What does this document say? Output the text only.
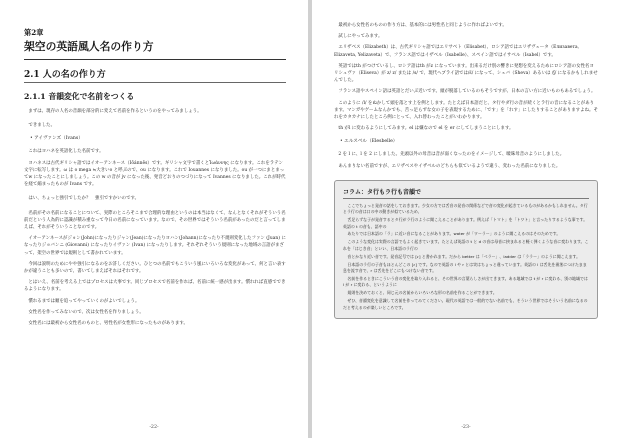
第2章
架空の英語風人名の作り方
2.1 人の名の作り方
2.1.1 音韻変化で名前をつくる

まずは、現存の人名の音韻を部分的に変えて名前を作るというのをやってみましょう。

できました。

• アイヴァンズ（Ivans）

これはヨハネを英語化した名前です。

ヨハネスは古代ギリシャ語ではイオーアンネース（Iōánnēs）です。ギリシャ文字で書くとἸωάννης になります。これをラテン文字に転写します。ω は o mega ≒大きいo と呼ぶので、ou になります。これで Iouannes になりました。ou が一つにまとまってw になったことにしましょう。この w の音が jv になった後、発音どおりのつづりになって Ivannes になりました。これが時代を経て縮まったものが Ivans です。

はい、ちょっと強引でしたか？　強引ですかいのです。

名前がその名前になることについて、実際のところそこまで合理的な理由というのは本当はなくて、なんとなくそれがそういう名前だという人為的に認識が積み重なって今日の名前になっています。なので、その世界ではそういう名前があったのだと言ってしまえば、それがそういうことなのです。

イオーアンネースがジョン(John)になったりジャン(Jean)になったりヨハン(Johann)になったり不規則変化したファン (Juan) になったりジョバンニ (Giovanni) になったりイヴァン (Ivan) になったりします。それぞれそういう規則になった地域の言語がまざって、架空の世界では規則として書かれています。

今回は説明のためにやや強引になるのをお許しください。ひとつの名前でもこういう風にいろいろな変化があって、何と言い表すかが違うことも多いので、書いてしまえばそれはそれです。

とはいえ、名前を考える上ではプロセスは大事です。同じプロセスで名前を作れば、名前に統一感が出ます。慣れれば直感でできるようになります。

慣れるまでは順を追ってやっていくのがよいでしょう。

女性名を作ってみないので、次は女性名を作りましょう。

女性名には最初から女性名のものと、男性名が女性形になったものがあります。

-22-

最初から女性名のものの作り方は、基本的には男性名と同じように作ればよいです。

試しにやってみます。

エリザベス（Elizabeth）は、古代ギリシャ語ではエリサベト（Elisabet）、ロシア語ではエリザヴェータ（Елизавета, Elizaveta, Yelizaveta）で、フランス語ではイザベル（Isabelle）、スペイン語ではイサベル（Isabel）です。

英語ではth がつけているし、ロシア語はth がz になっています。出来るだけ別の響きに発想を変えるためにロシア語の女性名ヨリシュヴァ（Eliseva）が z/ z/ または /s/ で、現代ヘブライ語では/ś/ になって、シェバ（Sheva）あるいは /ʃ/ になるかもしれませんでした。

フランス語やスペイン語は英語とだいぶ近いです。頭が脱落しているのもそうですが、日本の言い方に近いものもあるでしょう。

このように /l/ をぬかして頭を落とす上を例とします。たとえば日本語だと、タ行やダ行の音が続くとラ行の音になることがあります。マンガやゲームなんかでも、舌っ足らずな女の子を表現するために、「です」を「れす」にしたりすることがありますよね。それをカタカナにしたところ例にとって、入れ替わったことがいわかります。

th がl に変わるようにしてみます。el は嫌なので el を er にしてしまうことにします。

• エルスベル（Elesbelle）

2 を l に、l を 2 にしました。先頭以外の母音は音が弱くなったのをイメージして、曖昧母音のようにしました。

あんまりない名前ですが、エリザベスやイザベルのどちらも似ているようで違う、変わった名前になりました。

コラム：タ行もラ行も音韻で

ここでちょっと発音の話をしておきます。少女の方では舌音の発音の関係などで音の変化が起きているものがあるかもしれません。タ行とラ行の音は口の中の動きが似ているため、

舌足らずな子が発音するとタ行がラ行のように聞こえることがあります。例えば「トマト」を「トワト」と言ったりするような事です。英語の t の音も、語中の

あたりでは日本語の「ラ」に近い音になることがあります。water が「ワーラー」のように聞こえるのはそのためです。

このような変化は実際の言語でもよく起きています。たとえば英語の t と d の音は母音に挟まれると軽く弾くような音に変わります。これを「はじき音」といい、日本語のラ行の

音とかなり近い音です。発音記号では [ɾ] と書かれます。だから better は「ベラー」、ladder は「ララー」のように聞こえます。

日本語のラ行の子音もほとんどこの [ɾ] です。なので英語の l や r とは実はちょっと違っています。英語の l は舌先を歯茎につけたまま息を流す音で、r は舌先をどこにもつけない音です。

名前を作るときにこういう音の変化を取り入れると、その世界の言葉らしさが出てきます。ある地域では t が r に変わる、別の地域では l が r に変わる、というように

規則を決めておくと、同じ元の名前からいろいろな形の名前を作ることができます。

ぜひ、音韻変化を意識して名前を作ってみてください。現代の英語では一般的でない名前でも、そういう世界ではそういう名前になるのだと考えるのが楽しいところです。

-23-
